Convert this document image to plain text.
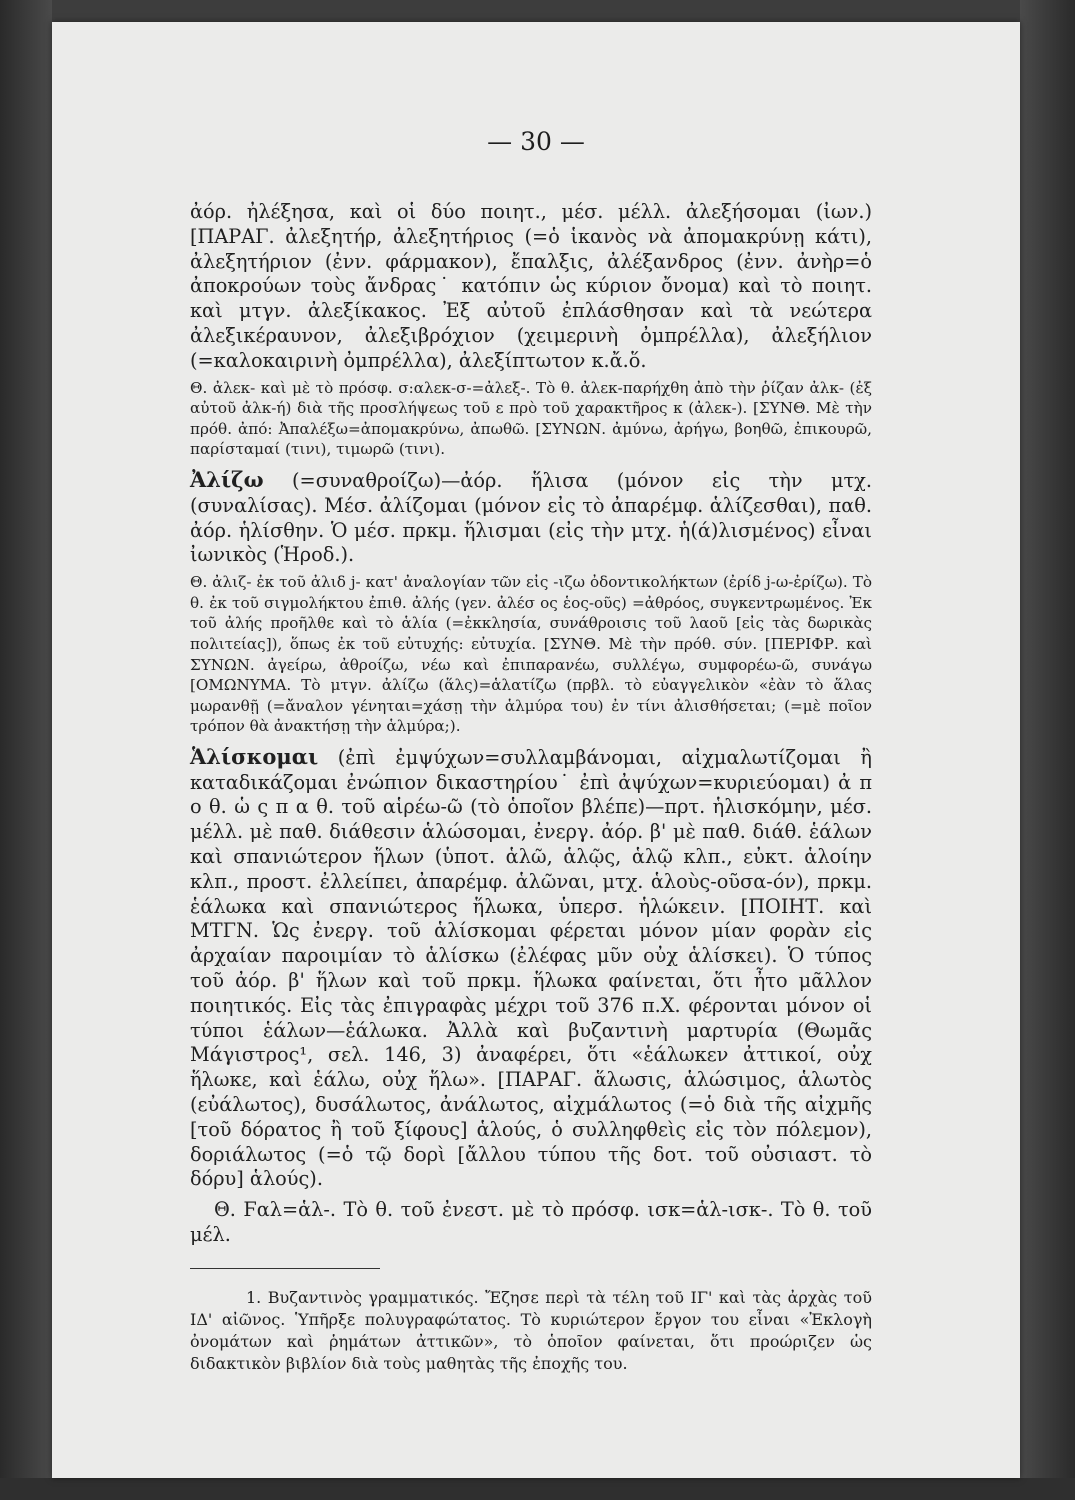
— 30 —

ἀόρ. ἠλέξησα, καὶ οἱ δύο ποιητ., μέσ. μέλλ. ἀλεξήσομαι (ἰων.) [ΠΑΡΑΓ. ἀλεξητήρ, ἀλεξητήριος (=ὁ ἱκανὸς νὰ ἀπομακρύνῃ κάτι), ἀλεξητήριον (ἐνν. φάρμακον), ἔπαλξις, ἀλέξανδρος (ἐνν. ἀνὴρ=ὁ ἀποκρούων τοὺς ἄνδρας˙ κατόπιν ὡς κύριον ὄνομα) καὶ τὸ ποιητ. καὶ μτγν. ἀλεξίκακος. Ἐξ αὐτοῦ ἐπλάσθησαν καὶ τὰ νεώτερα ἀλεξικέραυνον, ἀλεξιβρόχιον (χειμερινὴ ὀμπρέλλα), ἀλεξήλιον (=καλοκαιρινὴ ὀμπρέλλα), ἀλεξίπτωτον κ.ἄ.ὅ.

Θ. ἀλεκ- καὶ μὲ τὸ πρόσφ. σ:αλεκ-σ-=ἀλεξ-. Τὸ θ. ἀλεκ-παρήχθη ἀπὸ τὴν ῥίζαν ἀλκ- (ἐξ αὐτοῦ ἀλκ-ή) διὰ τῆς προσλήψεως τοῦ ε πρὸ τοῦ χαρακτῆρος κ (ἀλεκ-). [ΣΥΝΘ. Μὲ τὴν πρόθ. ἀπό: Ἀπαλέξω=ἀπομακρύνω, ἀπωθῶ. [ΣΥΝΩΝ. ἀμύνω, ἀρήγω, βοηθῶ, ἐπικουρῶ, παρίσταμαί (τινι), τιμωρῶ (τινι).

Ἀλίζω (=συναθροίζω)—ἀόρ. ἥλισα (μόνον εἰς τὴν μτχ. (συναλίσας). Μέσ. ἀλίζομαι (μόνον εἰς τὸ ἀπαρέμφ. ἁλίζεσθαι), παθ. ἀόρ. ἡλίσθην. Ὁ μέσ. πρκμ. ἥλισμαι (εἰς τὴν μτχ. ἡ(ά)λισμένος) εἶναι ἰωνικὸς (Ἡροδ.).

Θ. ἀλιζ- ἐκ τοῦ ἀλιδ j- κατ' ἀναλογίαν τῶν εἰς -ιζω ὀδοντικολήκτων (ἐρίδ j-ω-ἐρίζω). Τὸ θ. ἐκ τοῦ σιγμολήκτου ἐπιθ. ἀλής (γεν. ἀλέσ ος ἑος-οῦς) =ἀθρόος, συγκεντρωμένος. Ἐκ τοῦ ἀλής προῆλθε καὶ τὸ ἁλία (=ἐκκλησία, συνάθροισις τοῦ λαοῦ [εἰς τὰς δωρικὰς πολιτείας]), ὅπως ἐκ τοῦ εὐτυχής: εὐτυχία. [ΣΥΝΘ. Μὲ τὴν πρόθ. σύν. [ΠΕΡΙΦΡ. καὶ ΣΥΝΩΝ. ἀγείρω, ἀθροίζω, νέω καὶ ἐπιπαρανέω, συλλέγω, συμφορέω-ῶ, συνάγω [ΟΜΩΝΥΜΑ. Τὸ μτγν. ἀλίζω (ἅλς)=ἁλατίζω (πρβλ. τὸ εὐαγγελικὸν «ἐὰν τὸ ἅλας μωρανθῇ (=ἄναλον γένηται=χάσῃ τὴν ἁλμύρα του) ἐν τίνι ἀλισθήσεται; (=μὲ ποῖον τρόπον θὰ ἀνακτήσῃ τὴν ἁλμύρα;).

Ἁλίσκομαι (ἐπὶ ἐμψύχων=συλλαμβάνομαι, αἰχμαλωτίζομαι ἢ καταδικάζομαι ἐνώπιον δικαστηρίου˙ ἐπὶ ἀψύχων=κυριεύομαι) ἀ π ο θ. ὡ ς π α θ. τοῦ αἱρέω-ῶ (τὸ ὁποῖον βλέπε)—πρτ. ἡλισκόμην, μέσ. μέλλ. μὲ παθ. διάθεσιν ἁλώσομαι, ἐνεργ. ἀόρ. β' μὲ παθ. διάθ. ἑάλων καὶ σπανιώτερον ἥλων (ὑποτ. ἁλῶ, ἁλῷς, ἁλῷ κλπ., εὐκτ. ἁλοίην κλπ., προστ. ἐλλείπει, ἀπαρέμφ. ἁλῶναι, μτχ. ἁλοὺς-οῦσα-όν), πρκμ. ἑάλωκα καὶ σπανιώτερος ἥλωκα, ὑπερσ. ἡλώκειν. [ΠΟΙΗΤ. καὶ ΜΤΓΝ. Ὡς ἐνεργ. τοῦ ἁλίσκομαι φέρεται μόνον μίαν φορὰν εἰς ἀρχαίαν παροιμίαν τὸ ἁλίσκω (ἐλέφας μῦν οὐχ ἁλίσκει). Ὁ τύπος τοῦ ἀόρ. β' ἥλων καὶ τοῦ πρκμ. ἥλωκα φαίνεται, ὅτι ἦτο μᾶλλον ποιητικός. Εἰς τὰς ἐπιγραφὰς μέχρι τοῦ 376 π.Χ. φέρονται μόνον οἱ τύποι ἑάλων—ἑάλωκα. Ἀλλὰ καὶ βυζαντινὴ μαρτυρία (Θωμᾶς Μάγιστρος¹, σελ. 146, 3) ἀναφέρει, ὅτι «ἑάλωκεν ἀττικοί, οὐχ ἥλωκε, καὶ ἑάλω, οὐχ ἥλω». [ΠΑΡΑΓ. ἅλωσις, ἁλώσιμος, ἁλωτὸς (εὐάλωτος), δυσάλωτος, ἀνάλωτος, αἰχμάλωτος (=ὁ διὰ τῆς αἰχμῆς [τοῦ δόρατος ἢ τοῦ ξίφους] ἁλούς, ὁ συλληφθεὶς εἰς τὸν πόλεμον), δοριάλωτος (=ὁ τῷ δορὶ [ἄλλου τύπου τῆς δοτ. τοῦ οὐσιαστ. τὸ δόρυ] ἁλούς).

Θ. Ϝαλ=ἁλ-. Τὸ θ. τοῦ ἐνεστ. μὲ τὸ πρόσφ. ισκ=ἁλ-ισκ-. Τὸ θ. τοῦ μέλ.

1. Βυζαντινὸς γραμματικός. Ἔζησε περὶ τὰ τέλη τοῦ ΙΓ' καὶ τὰς ἀρχὰς τοῦ ΙΔ' αἰῶνος. Ὑπῆρξε πολυγραφώτατος. Τὸ κυριώτερον ἔργον του εἶναι «Ἐκλογὴ ὀνομάτων καὶ ῥημάτων ἀττικῶν», τὸ ὁποῖον φαίνεται, ὅτι προώριζεν ὡς διδακτικὸν βιβλίον διὰ τοὺς μαθητὰς τῆς ἐποχῆς του.
